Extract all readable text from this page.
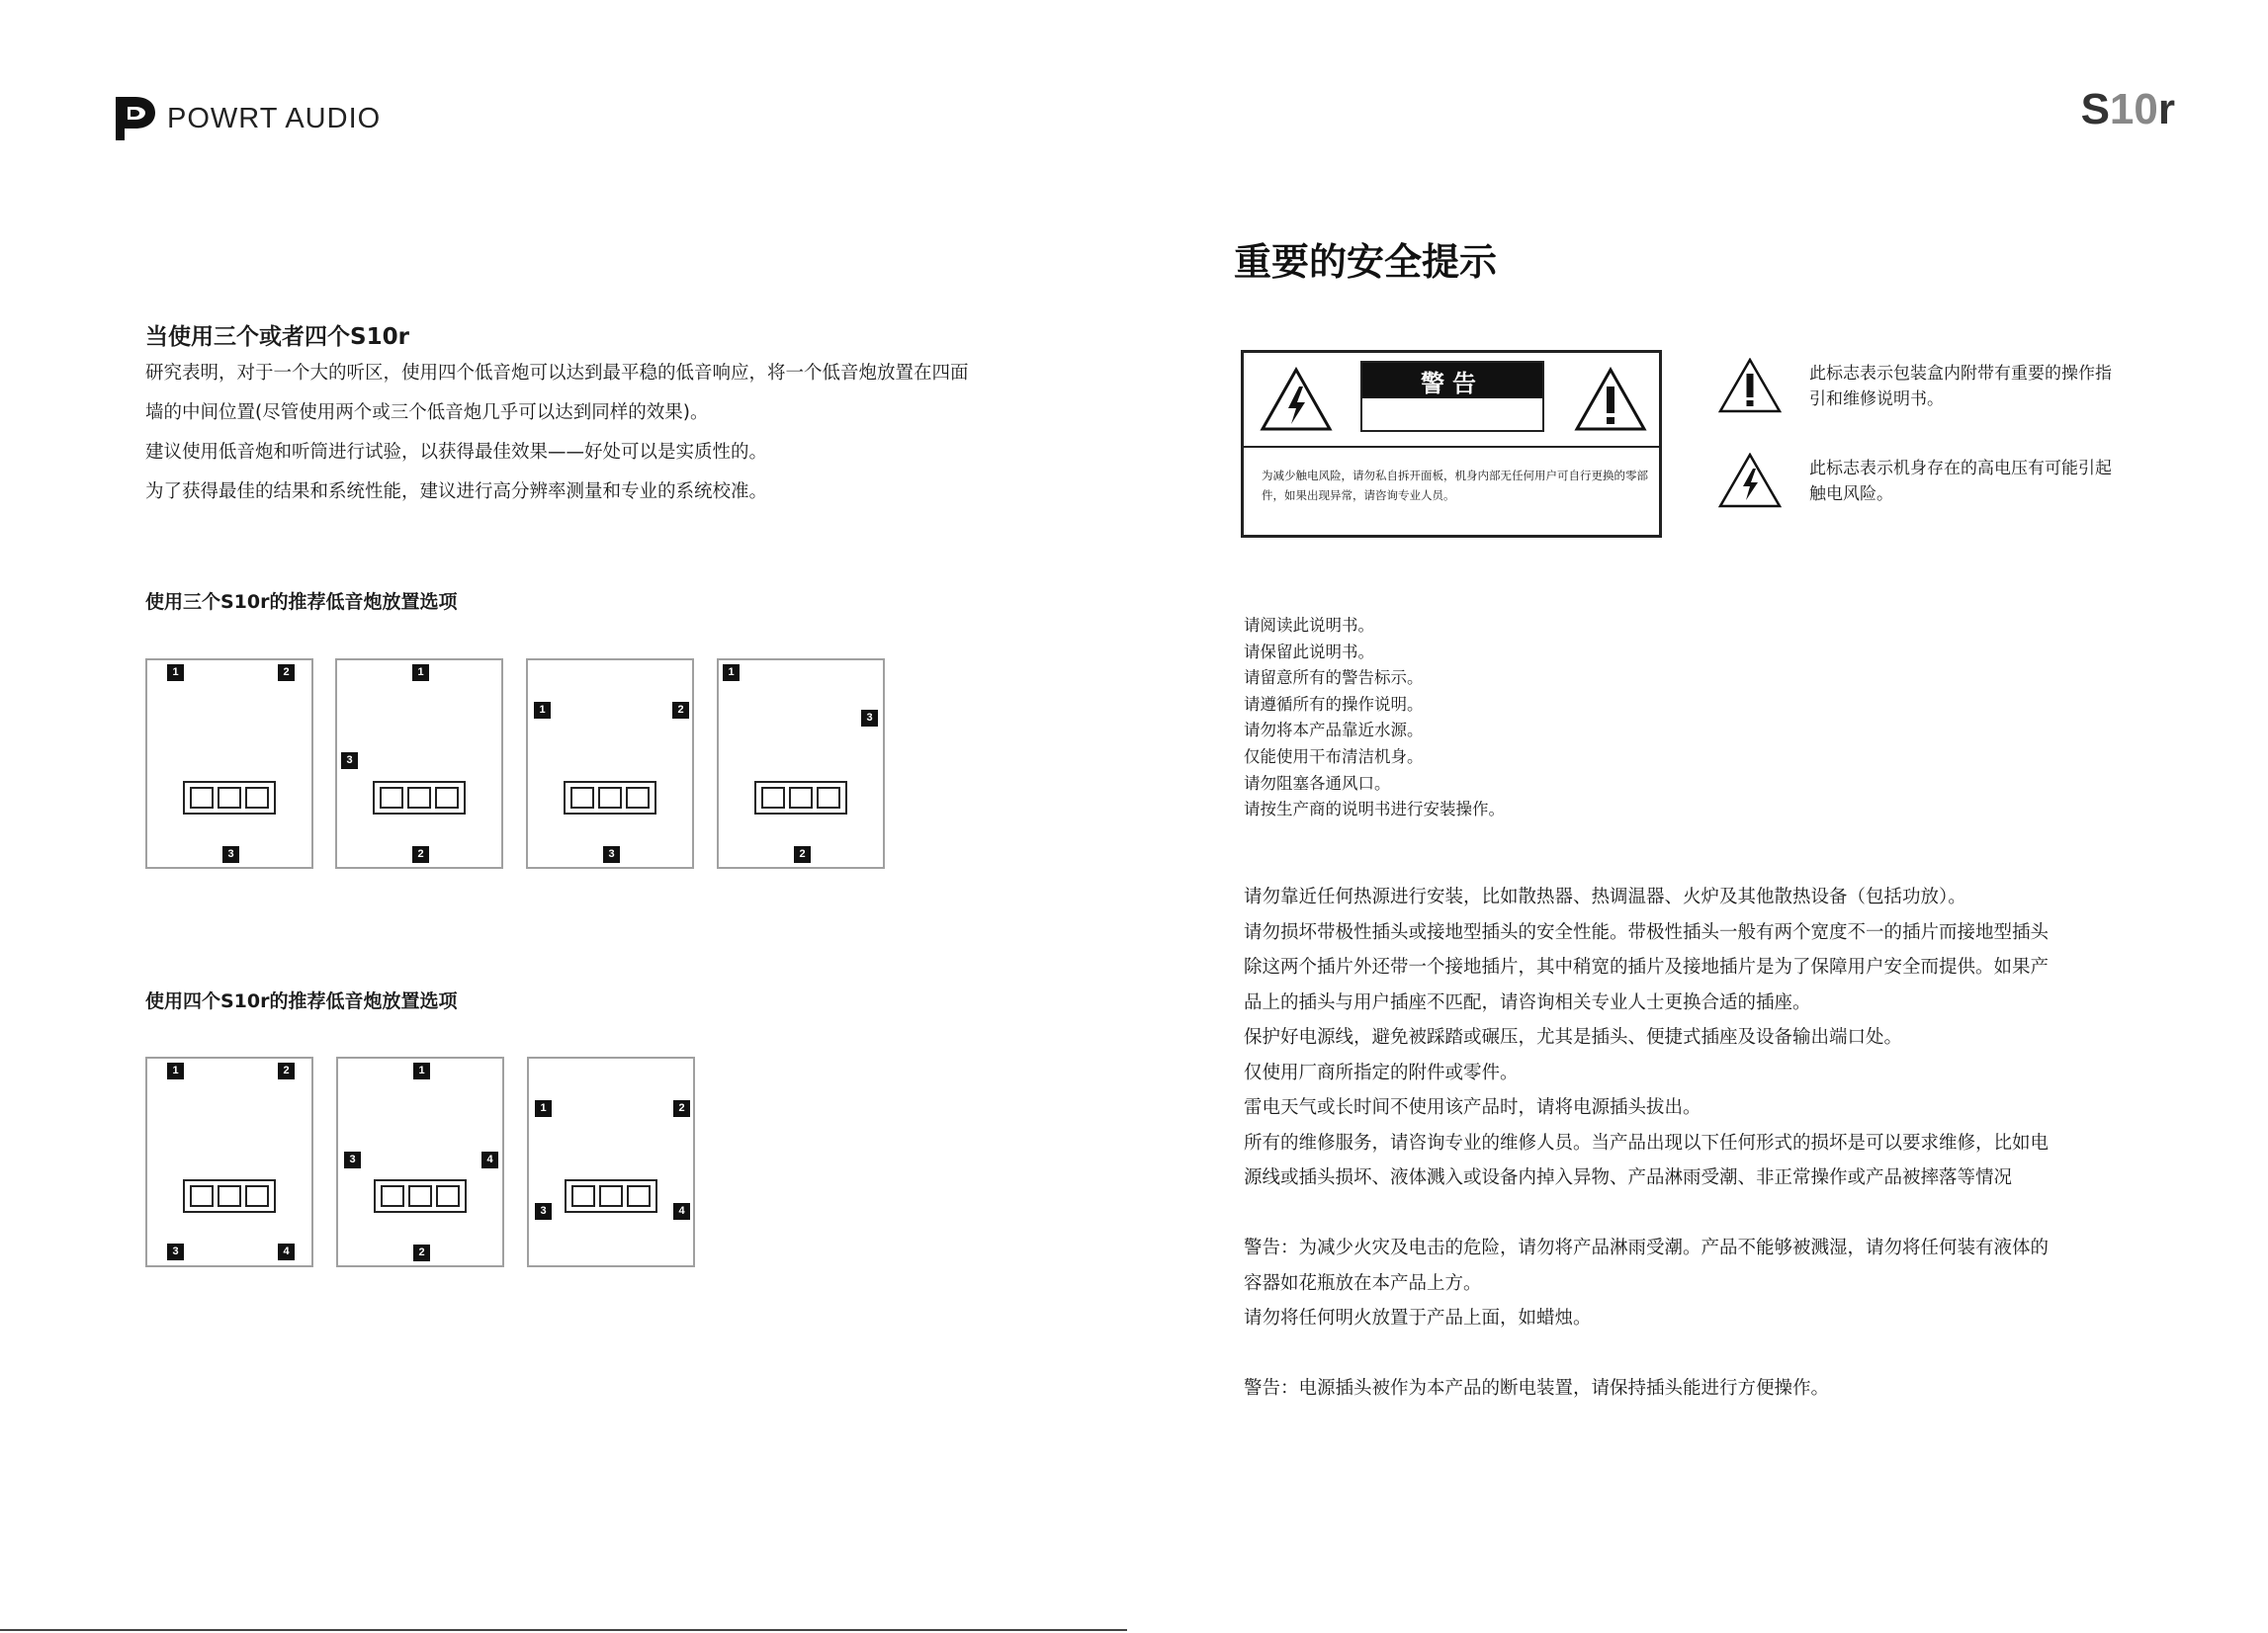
POWRT AUDIO	S10r
当使用三个或者四个S10r
研究表明，对于一个大的听区，使用四个低音炮可以达到最平稳的低音响应，将一个低音炮放置在四面
墙的中间位置(尽管使用两个或三个低音炮几乎可以达到同样的效果)。
建议使用低音炮和听筒进行试验，以获得最佳效果——好处可以是实质性的。
为了获得最佳的结果和系统性能，建议进行高分辨率测量和专业的系统校准。
使用三个S10r的推荐低音炮放置选项
1	2
3
1
3
2
1	2
3
1
3
2
使用四个S10r的推荐低音炮放置选项
1	2
3	4
1
3	4
2
1	2
3	4
重要的安全提示
警告
为减少触电风险，请勿私自拆开面板，机身内部无任何用户可自行更换的零部件，如果出现异常，请咨询专业人员。
此标志表示包装盒内附带有重要的操作指引和维修说明书。
此标志表示机身存在的高电压有可能引起触电风险。
请阅读此说明书。
请保留此说明书。
请留意所有的警告标示。
请遵循所有的操作说明。
请勿将本产品靠近水源。
仅能使用干布清洁机身。
请勿阻塞各通风口。
请按生产商的说明书进行安装操作。
请勿靠近任何热源进行安装，比如散热器、热调温器、火炉及其他散热设备（包括功放）。
请勿损坏带极性插头或接地型插头的安全性能。带极性插头一般有两个宽度不一的插片而接地型插头
除这两个插片外还带一个接地插片，其中稍宽的插片及接地插片是为了保障用户安全而提供。如果产
品上的插头与用户插座不匹配，请咨询相关专业人士更换合适的插座。
保护好电源线，避免被踩踏或碾压，尤其是插头、便捷式插座及设备输出端口处。
仅使用厂商所指定的附件或零件。
雷电天气或长时间不使用该产品时，请将电源插头拔出。
所有的维修服务，请咨询专业的维修人员。当产品出现以下任何形式的损坏是可以要求维修，比如电
源线或插头损坏、液体溅入或设备内掉入异物、产品淋雨受潮、非正常操作或产品被摔落等情况
警告：为减少火灾及电击的危险，请勿将产品淋雨受潮。产品不能够被溅湿，请勿将任何装有液体的
容器如花瓶放在本产品上方。
请勿将任何明火放置于产品上面，如蜡烛。
警告：电源插头被作为本产品的断电装置，请保持插头能进行方便操作。
